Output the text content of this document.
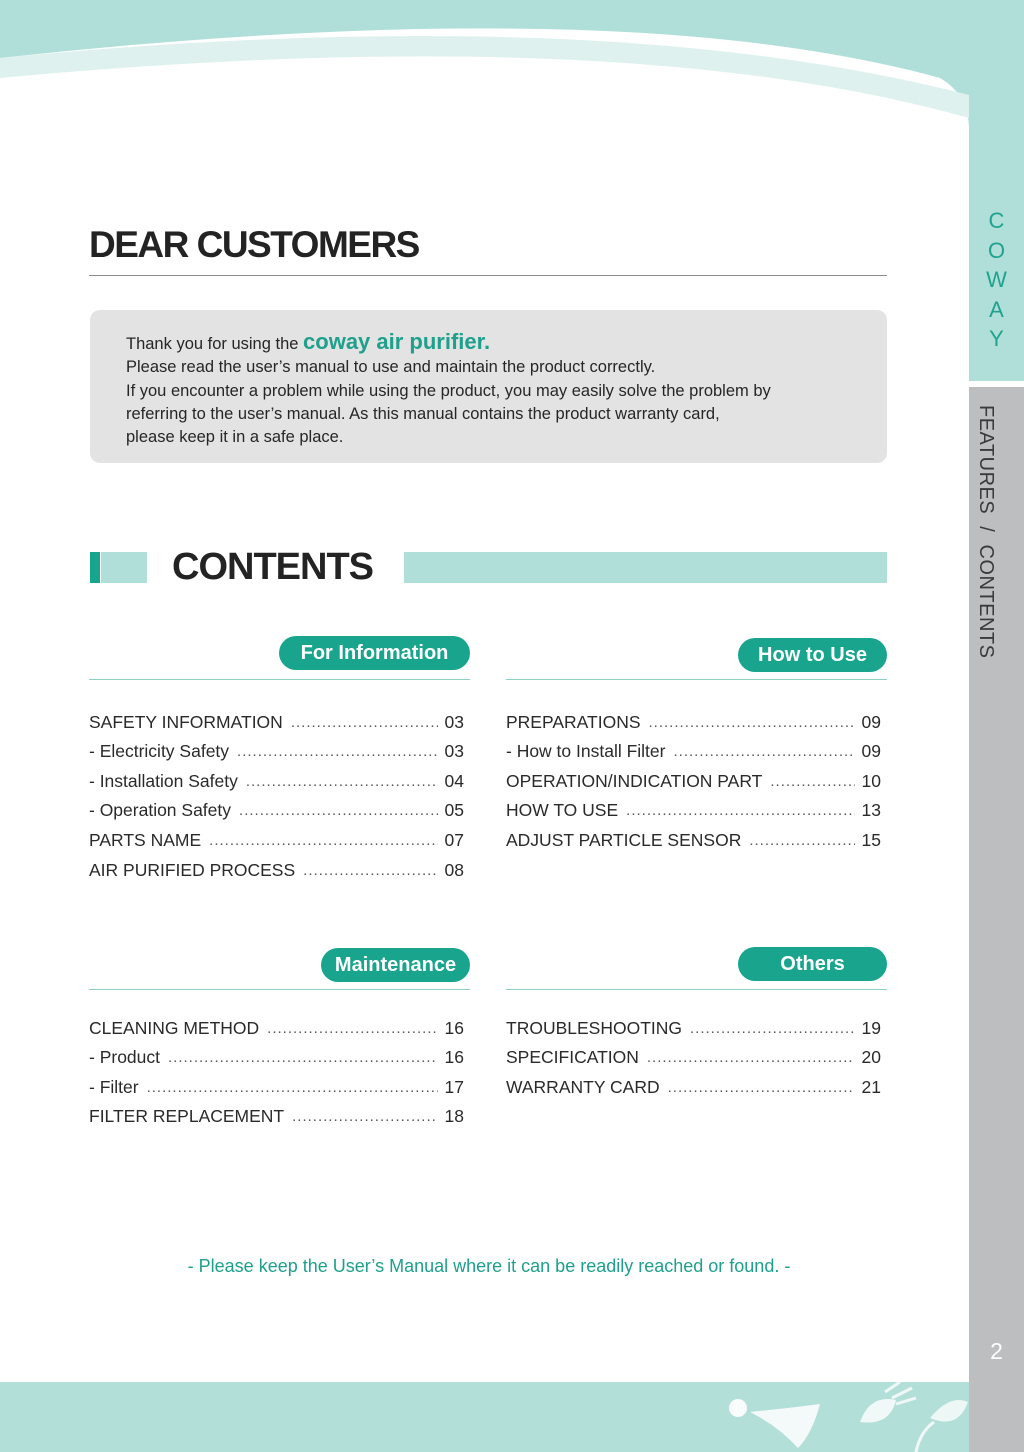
C
O
W
A
Y
FEATURES  /  CONTENTS
2
DEAR CUSTOMERS
Thank you for using the coway air purifier.
Please read the user’s manual to use and maintain the product correctly.
If you encounter a problem while using the product, you may easily solve the problem by
referring to the user’s manual. As this manual contains the product warranty card,
please keep it in a safe place.
CONTENTS
For Information
SAFETY INFORMATION .....	03
- Electricity Safety .....	03
- Installation Safety .....	04
- Operation Safety .....	05
PARTS NAME .....	07
AIR PURIFIED PROCESS .....	08
How to Use
PREPARATIONS .....	09
- How to Install Filter .....	09
OPERATION/INDICATION PART .....	10
HOW TO USE .....	13
ADJUST PARTICLE SENSOR .....	15
Maintenance
CLEANING METHOD .....	16
- Product .....	16
- Filter .....	17
FILTER REPLACEMENT .....	18
Others
TROUBLESHOOTING .....	19
SPECIFICATION .....	20
WARRANTY CARD .....	21
- Please keep the User’s Manual where it can be readily reached or found. -
